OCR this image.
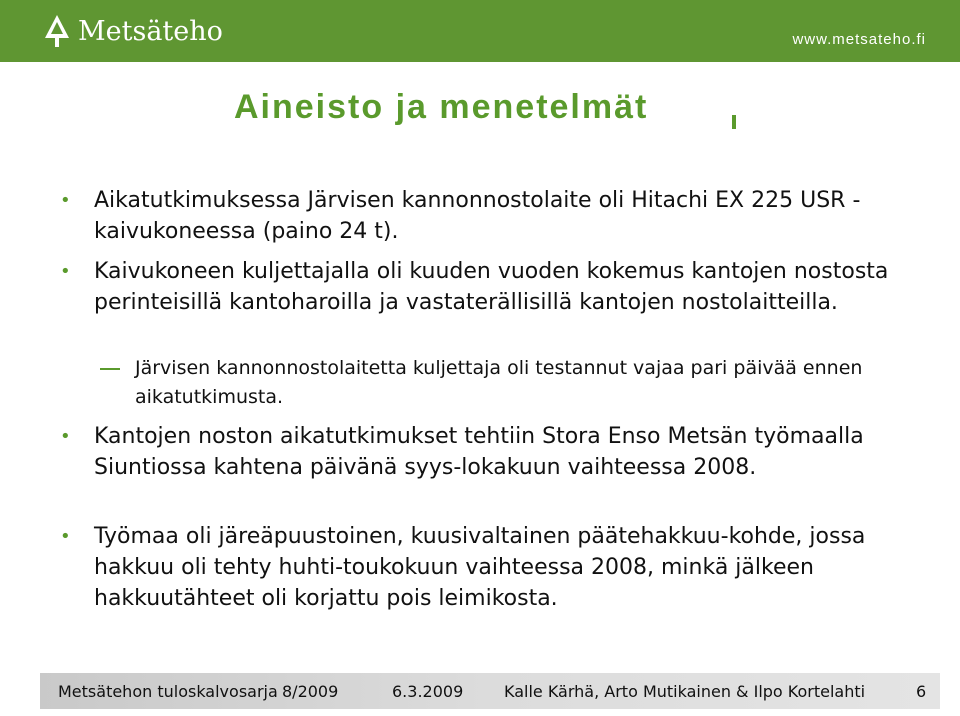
Metsäteho	www.metsateho.fi
Aineisto ja menetelmät
• Aikatutkimuksessa Järvisen kannonnostolaite oli Hitachi EX 225 USR -kaivukoneessa (paino 24 t).
• Kaivukoneen kuljettajalla oli kuuden vuoden kokemus kantojen nostosta perinteisillä kantoharoilla ja vastaterällisillä kantojen nostolaitteilla.
Järvisen kannonnostolaitetta kuljettaja oli testannut vajaa pari päivää ennen aikatutkimusta.
• Kantojen noston aikatutkimukset tehtiin Stora Enso Metsän työmaalla Siuntiossa kahtena päivänä syys-lokakuun vaihteessa 2008.
• Työmaa oli järeäpuustoinen, kuusivaltainen päätehakkuu-kohde, jossa hakkuu oli tehty huhti-toukokuun vaihteessa 2008, minkä jälkeen hakkuutähteet oli korjattu pois leimikosta.
Metsätehon tuloskalvosarja 8/2009	6.3.2009	Kalle Kärhä, Arto Mutikainen & Ilpo Kortelahti	6
